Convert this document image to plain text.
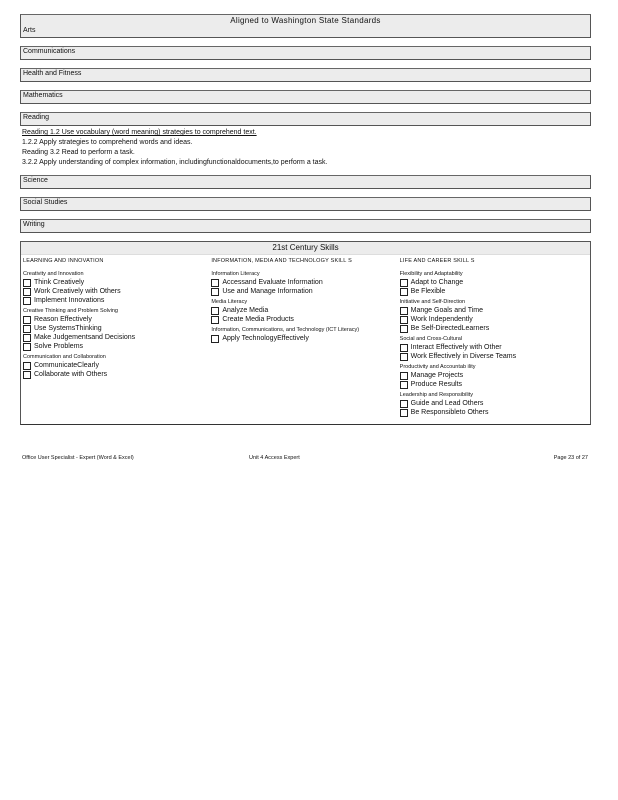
Aligned to Washington State Standards
Arts
Communications
Health and Fitness
Mathematics
Reading
Reading 1.2 Use vocabulary (word meaning) strategies to comprehend text.
1.2.2 Apply strategies to comprehend words and ideas.
Reading 3.2 Read to perform a task.
3.2.2 Apply understanding of complex information, includingfunctionaldocuments,to perform a task.
Science
Social Studies
Writing
21st Century Skills
LEARNING AND INNOVATION
Creativity and Innovation
Think Creatively
Work Creatively with Others
Implement Innovations
Creative Thinking and Problem Solving
Reason Effectively
Use SystemsThinking
Make Judgementsand Decisions
Solve Problems
Communication and Collaboration
CommunicateClearly
Collaborate with Others
INFORMATION, MEDIA AND TECHNOLOGY SKILL S
Information Literacy
Accessand Evaluate Information
Use and Manage Information
Media Literacy
Analyze Media
Create Media Products
Information, Communications, and Technology (ICT Literacy)
Apply TechnologyEffectively
LIFE AND CAREER SKILL S
Flexibility and Adaptability
Adapt to Change
Be Flexible
Initiative and Self-Direction
Mange Goals and Time
Work Independently
Be Self-DirectedLearners
Social and Cross-Cultural
Interact Effectively with Other
Work Effectively in Diverse Teams
Productivity and Accountab ility
Manage Projects
Produce Results
Leadership and Responsibility
Guide and Lead Others
Be Responsibleto Others
Office User Specialist - Expert (Word & Excel)	Unit 4 Access Expert	Page 23 of 27
